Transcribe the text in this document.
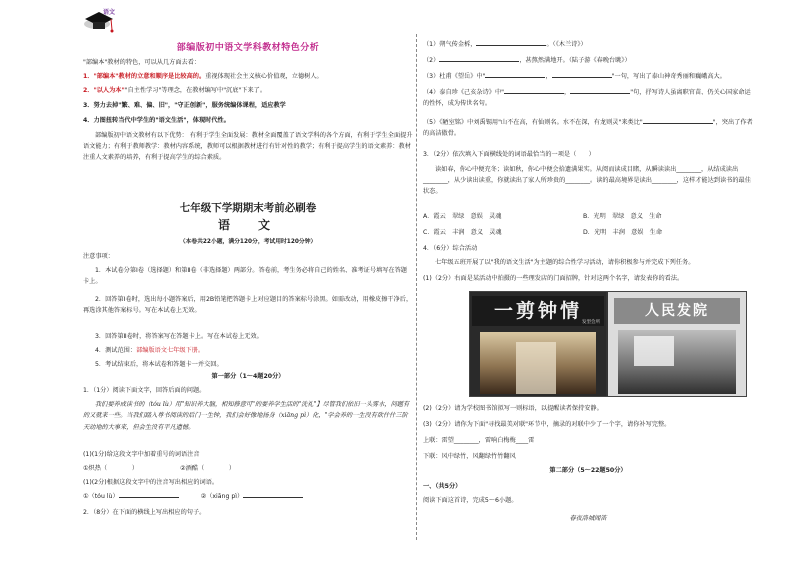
语文
部编版初中语文学科教材特色分析
"部编本"教材的特色，可以从几方面去看：
1．"部编本"教材的立意和顺序是比较高的。重视体现社会主义核心价值观，立德树人。
2．"以人为本""自主性学习"等理念，在教材编写中"沉底"下来了。
3．努力去掉"繁、难、偏、旧"，"守正创新"，服务统编体课程，适应教学
4．力图扭转当代中学生的"语文生活"，体现时代性。
部编版初中语文教材有以下优势： 有利于学生全面发展：教材全面覆盖了语文学科的各个方面，有利于学生全面提升语文能力；有利于教师教学：教材内容系统，教师可以根据教材进行有针对性的教学；有利于提高学生的语文素养：教材注重人文素养的培养，有利于提高学生的综合素质。
七年级下学期期末考前必刷卷
语　文
（本卷共22小题，满分120分，考试用时120分钟）
注意事项：
1．本试卷分第Ⅰ卷（选择题）和第Ⅱ卷（非选择题）两部分。答卷前，考生务必将自己的姓名、准考证号填写在答题卡上。
2．回答第Ⅰ卷时，选出每小题答案后，用2B铅笔把答题卡上对应题目的答案标号涂黑。如需改动，用橡皮擦干净后，再选涂其他答案标号。写在本试卷上无效。
3．回答第Ⅱ卷时，将答案写在答题卡上。写在本试卷上无效。
4．测试范围：部编版语文七年级下册。
5．考试结束后，将本试卷和答题卡一并交回。
第一部分（1～4题20分）
1．（1分）阅读下面文字，回答后面的问题。
我们要养成读书的（tóu lù）用"知识养大脑，相知修意可"的要养学生活的"洗礼"】尽管我们依旧一头雾水，问题有的又就来一些。当我们踏入尊书阅读的后门一生钟，我们会好像地扬身（xiāng pì）化，"学会养的一生没有欲什什三阶天动地的大事来，但会生没有平凡遗憾。
(1)(1分)给这段文字中加着重号的词语注音
①炽热（　　　　）	②酒酷（　　　　）
(1)(2分)根据这段文字中的注音写出相应的词语。
①（tóu lù）	②（xiāng pì）
2．（8分）在下面的横线上写出相应的句子。
（1）朔气传金柝，	。（《木兰诗》）
（2）	，甚熬然满地开。（陆子游《春晚台眺》）
（3）杜甫《望岳》中"	，	"一句，写出了泰山神奇秀丽和巍峨高大。
（4）泰自珍《己亥杂诗》中"	，	"句，抒写诗人虽离职官苗、仍关心国家命运的性怀，成为传世名句。
（5）《陋室铭》中刘禹锡用"山不在高，有仙则名。水不在深，有龙则灵"来类比"	"，突出了作者的高洁傲骨。
3．（2分）依次填入下面横线处的词语最恰当的一项是（　　）
读如春，你心中便充冬；读如秋，你心中便会拾遗满果实。从阅而读成目睹，从瞬读读出________，从结成读出________，从少读出读重，你就读出了家人所珍贵的________。读的最高境界是读出________，这样才能达到读书的最佳状态。
A．霞云　翠绿　意娱　灵魂	B．光明　翠绿　意义　生命
C．霞云　丰润　意义　灵魂	D．光明　丰润　意娱　生命
4．（6分）综合活动
七年级五班开展了以"我的语文生活"为主题的综合性学习活动，请你积极参与并完成下列任务。
(1)（2分）右面是某活动中拍摄的一些理发店的门面招牌，针对这两个名字，请发表你的看法。
一剪钟情
发型会所
人民发院
(2)（2分）请为学校图书馆拟写一则标语，以提醒读者保持安静。
(3)（2分）请你为下面"寻找最美对联"环节中，摘录的对联中少了一个字，请你补写完整。
上联：雷望________，雷响白梅梅____雷
下联：风中绿竹，风翻绿竹竹翻风
第二部分（5～22题50分）
一、（共5分）
阅读下面这首诗，完成5～6小题。
春夜洛城闻笛
